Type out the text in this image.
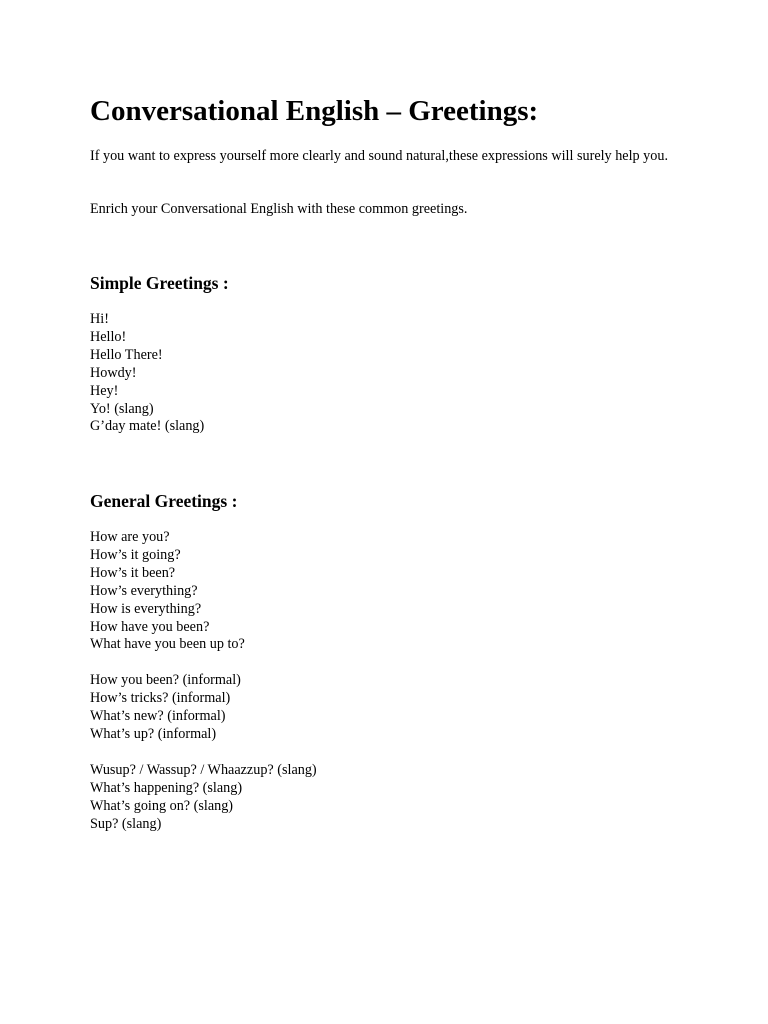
Conversational English – Greetings:

If you want to express yourself more clearly and sound natural,these expressions will surely help you.

Enrich your Conversational English with these common greetings.

Simple Greetings :
Hi!
Hello!
Hello There!
Howdy!
Hey!
Yo! (slang)
G’day mate! (slang)
General Greetings :
How are you?
How’s it going?
How’s it been?
How’s everything?
How is everything?
How have you been?
What have you been up to?
How you been? (informal)
How’s tricks? (informal)
What’s new? (informal)
What’s up? (informal)
Wusup? / Wassup? / Whaazzup? (slang)
What’s happening? (slang)
What’s going on? (slang)
Sup? (slang)
